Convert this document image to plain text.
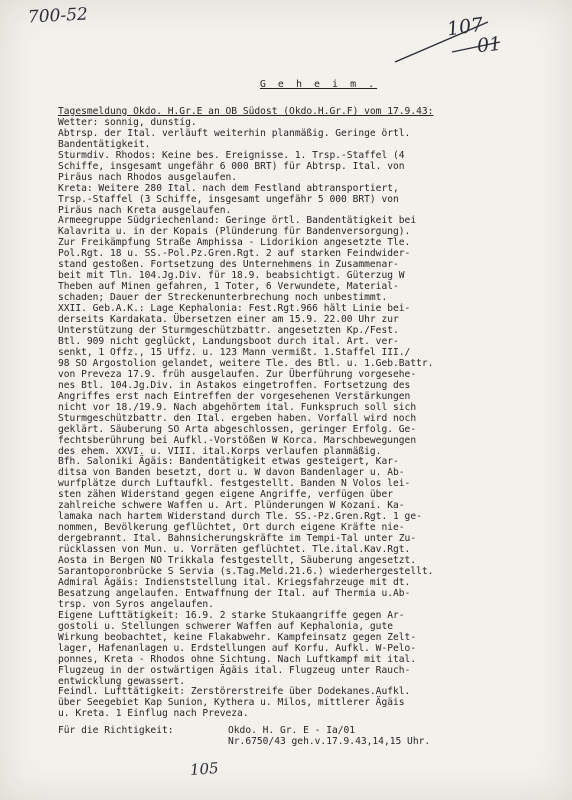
700-52	107
01
105
G e h e i m .
Tagesmeldung Okdo. H.Gr.E an OB Südost (Okdo.H.Gr.F) vom 17.9.43:
Wetter: sonnig, dunstig.
Abtrsp. der Ital. verläuft weiterhin planmäßig. Geringe örtl.
Bandentätigkeit.
Sturmdiv. Rhodos: Keine bes. Ereignisse. 1. Trsp.-Staffel (4
Schiffe, insgesamt ungefähr 6 000 BRT) für Abtrsp. Ital. von
Piräus nach Rhodos ausgelaufen.
Kreta: Weitere 280 Ital. nach dem Festland abtransportiert,
Trsp.-Staffel (3 Schiffe, insgesamt ungefähr 5 000 BRT) von
Piräus nach Kreta ausgelaufen.
Armeegruppe Südgriechenland: Geringe örtl. Bandentätigkeit bei
Kalavrita u. in der Kopais (Plünderung für Bandenversorgung).
Zur Freikämpfung Straße Amphissa - Lidorikion angesetzte Tle.
Pol.Rgt. 18 u. SS.-Pol.Pz.Gren.Rgt. 2 auf starken Feindwider-
stand gestoßen. Fortsetzung des Unternehmens in Zusammenar-
beit mit Tln. 104.Jg.Div. für 18.9. beabsichtigt. Güterzug W
Theben auf Minen gefahren, 1 Toter, 6 Verwundete, Material-
schaden; Dauer der Streckenunterbrechung noch unbestimmt.
XXII. Geb.A.K.: Lage Kephalonia: Fest.Rgt.966 hält Linie bei-
derseits Kardakata. Übersetzen einer am 15.9. 22.00 Uhr zur
Unterstützung der Sturmgeschützbattr. angesetzten Kp./Fest.
Btl. 909 nicht geglückt, Landungsboot durch ital. Art. ver-
senkt, 1 Offz., 15 Uffz. u. 123 Mann vermißt. 1.Staffel III./
98 SO Argostolion gelandet, weitere Tle. des Btl. u. 1.Geb.Battr.
von Preveza 17.9. früh ausgelaufen. Zur Überführung vorgesehe-
nes Btl. 104.Jg.Div. in Astakos eingetroffen. Fortsetzung des
Angriffes erst nach Eintreffen der vorgesehenen Verstärkungen
nicht vor 18./19.9. Nach abgehörtem ital. Funkspruch soll sich
Sturmgeschützbattr. den Ital. ergeben haben. Vorfall wird noch
geklärt. Säuberung SO Arta abgeschlossen, geringer Erfolg. Ge-
fechtsberührung bei Aufkl.-Vorstößen W Korca. Marschbewegungen
des ehem. XXVI. u. VIII. ital.Korps verlaufen planmäßig.
Bfh. Saloniki Ägäis: Bandentätigkeit etwas gesteigert, Kar-
ditsa von Banden besetzt, dort u. W davon Bandenlager u. Ab-
wurfplätze durch Luftaufkl. festgestellt. Banden N Volos lei-
sten zähen Widerstand gegen eigene Angriffe, verfügen über
zahlreiche schwere Waffen u. Art. Plünderungen W Kozani. Ka-
lamaka nach hartem Widerstand durch Tle. SS.-Pz.Gren.Rgt. 1 ge-
nommen, Bevölkerung geflüchtet, Ort durch eigene Kräfte nie-
dergebrannt. Ital. Bahnsicherungskräfte im Tempi-Tal unter Zu-
rücklassen von Mun. u. Vorräten geflüchtet. Tle.ital.Kav.Rgt.
Aosta in Bergen NO Trikkala festgestellt, Säuberung angesetzt.
Sarantoporonbrücke S Servia (s.Tag.Meld.21.6.) wiederhergestellt.
Admiral Ägäis: Indienststellung ital. Kriegsfahrzeuge mit dt.
Besatzung angelaufen. Entwaffnung der Ital. auf Thermia u.Ab-
trsp. von Syros angelaufen.
Eigene Lufttätigkeit: 16.9. 2 starke Stukaangriffe gegen Ar-
gostoli u. Stellungen schwerer Waffen auf Kephalonia, gute
Wirkung beobachtet, keine Flakabwehr. Kampfeinsatz gegen Zelt-
lager, Hafenanlagen u. Erdstellungen auf Korfu. Aufkl. W-Pelo-
ponnes, Kreta - Rhodos ohne Sichtung. Nach Luftkampf mit ital.
Flugzeug in der ostwärtigen Ägäis ital. Flugzeug unter Rauch-
entwicklung gewassert.
Feindl. Lufttätigkeit: Zerstörerstreife über Dodekanes.Aufkl.
über Seegebiet Kap Sunion, Kythera u. Milos, mittlerer Ägäis
u. Kreta. 1 Einflug nach Preveza.
Für die Richtigkeit:	Okdo. H. Gr. E - Ia/01
Nr.6750/43 geh.v.17.9.43,14,15 Uhr.
